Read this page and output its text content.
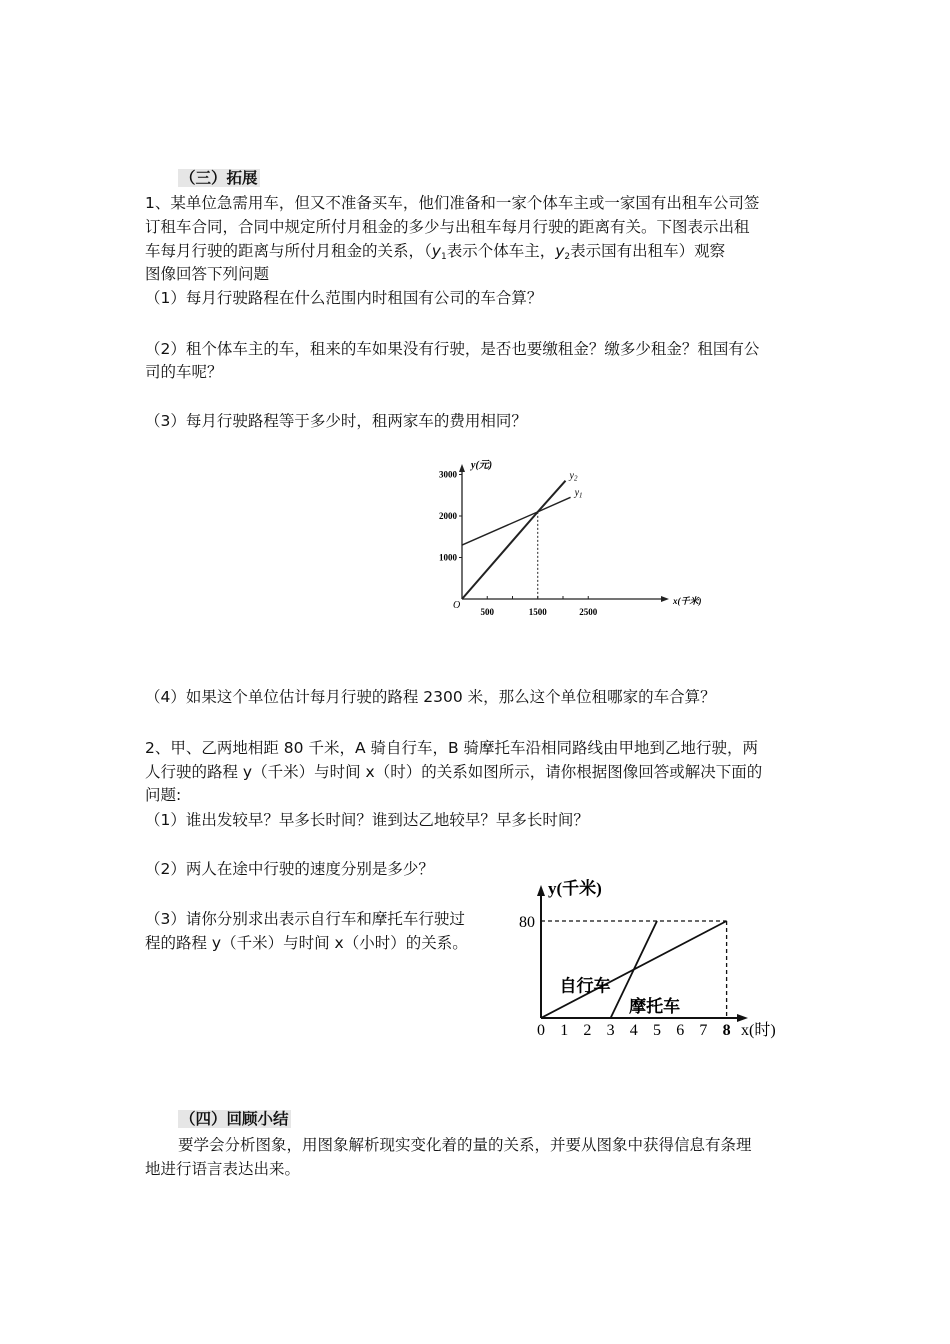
（三）拓展
1、某单位急需用车，但又不准备买车，他们准备和一家个体车主或一家国有出租车公司签
订租车合同，合同中规定所付月租金的多少与出租车每月行驶的距离有关。下图表示出租
车每月行驶的距离与所付月租金的关系，（$y_1$表示个体车主，$y_2$表示国有出租车）观察
图像回答下列问题
（1）每月行驶路程在什么范围内时租国有公司的车合算？
（2）租个体车主的车，租来的车如果没有行驶，是否也要缴租金？缴多少租金？租国有公
司的车呢？
（3）每月行驶路程等于多少时，租两家车的费用相同？
y(元)
x(千米)
O
1000
2000
3000
500	1500	2500
$y_1$
$y_2$
（4）如果这个单位估计每月行驶的路程 2300 米，那么这个单位租哪家的车合算？
2、甲、乙两地相距 80 千米，A 骑自行车，B 骑摩托车沿相同路线由甲地到乙地行驶，两
人行驶的路程 y（千米）与时间 x（时）的关系如图所示，请你根据图像回答或解决下面的
问题:
（1）谁出发较早？早多长时间？谁到达乙地较早？早多长时间？
（2）两人在途中行驶的速度分别是多少？
（3）请你分别求出表示自行车和摩托车行驶过
程的路程 y（千米）与时间 x（小时）的关系。
y(千米)
x(时)
0 1 2 3 4 5 6 7 8
80
自行车
摩托车
（四）回顾小结
要学会分析图象，用图象解析现实变化着的量的关系，并要从图象中获得信息有条理
地进行语言表达出来。
